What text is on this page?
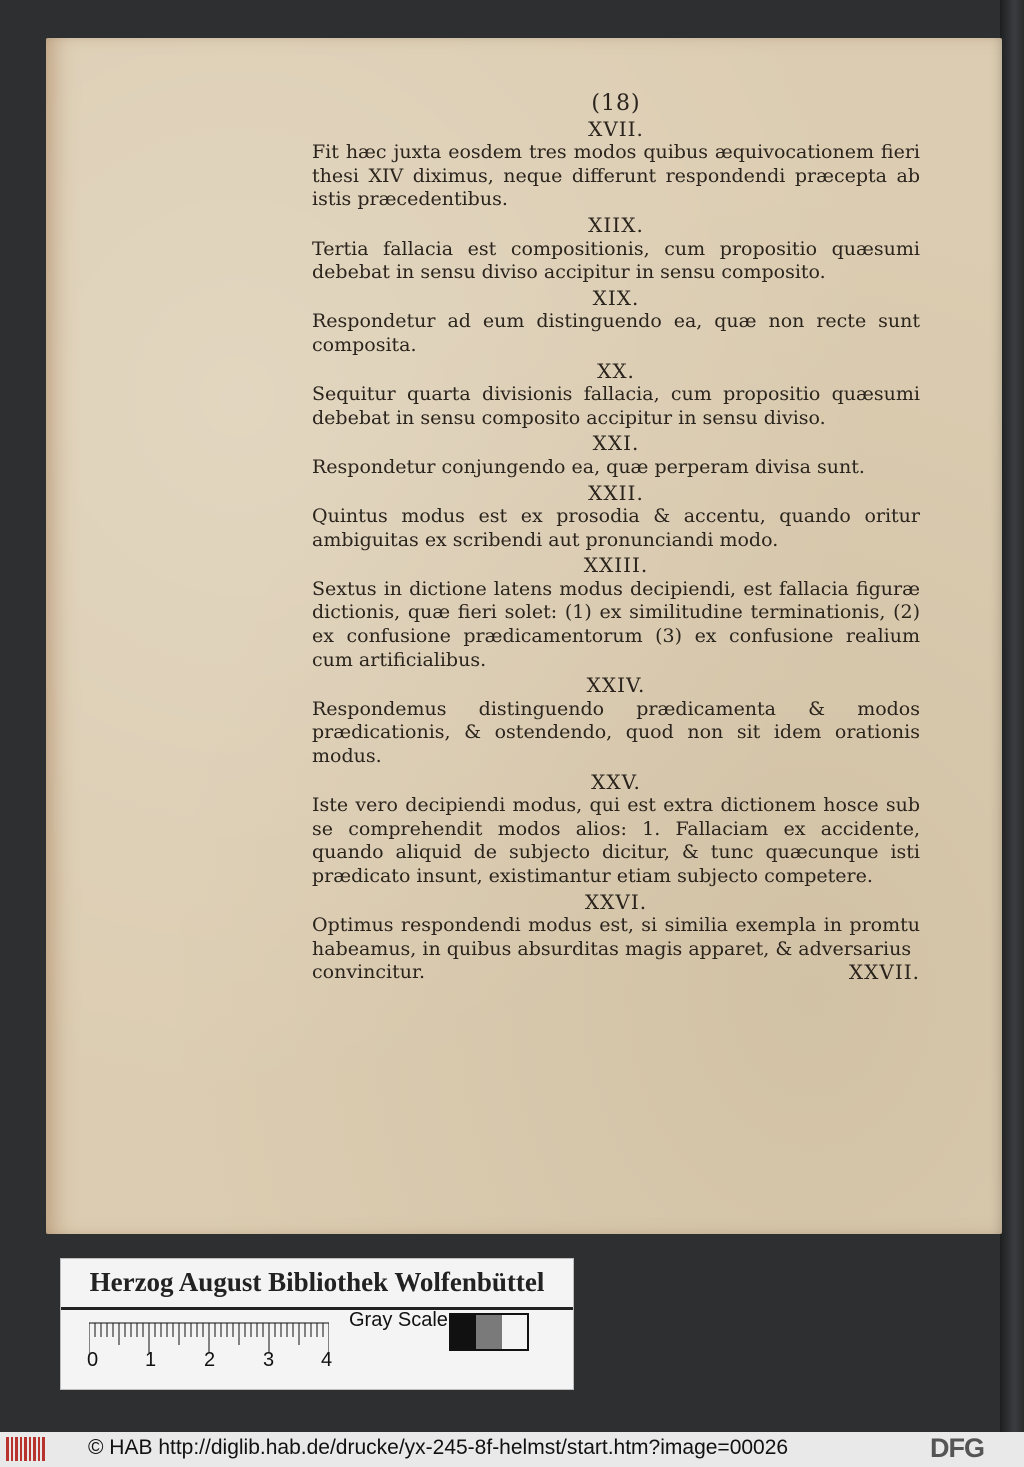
(18)
XVII.

Fit hæc juxta eosdem tres modos quibus æquivocationem fieri thesi XIV diximus, neque differunt respondendi præcepta ab istis præcedentibus.

XIIX.

Tertia fallacia est compositionis, cum propositio quæsumi debebat in sensu diviso accipitur in sensu composito.

XIX.

Respondetur ad eum distinguendo ea, quæ non recte sunt composita.

XX.

Sequitur quarta divisionis fallacia, cum propositio quæsumi debebat in sensu composito accipitur in sensu diviso.

XXI.

Respondetur conjungendo ea, quæ perperam divisa sunt.

XXII.

Quintus modus est ex prosodia & accentu, quando oritur ambiguitas ex scribendi aut pronunciandi modo.

XXIII.

Sextus in dictione latens modus decipiendi, est fallacia figuræ dictionis, quæ fieri solet: (1) ex similitudine terminationis, (2) ex confusione prædicamentorum (3) ex confusione realium cum artificialibus.

XXIV.

Respondemus distinguendo prædicamenta & modos prædicationis, & ostendendo, quod non sit idem orationis modus.

XXV.

Iste vero decipiendi modus, qui est extra dictionem hosce sub se comprehendit modos alios: 1. Fallaciam ex accidente, quando aliquid de subjecto dicitur, & tunc quæcunque isti prædicato insunt, existimantur etiam subjecto competere.

XXVI.

Optimus respondendi modus est, si similia exempla in promtu habeamus, in quibus absurditas magis apparet, & adversarius

convincitur.	XXVII.
Herzog August Bibliothek Wolfenbüttel
0 1 2 3 4
Gray Scale
© HAB http://diglib.hab.de/drucke/yx-245-8f-helmst/start.htm?image=00026	DFG
